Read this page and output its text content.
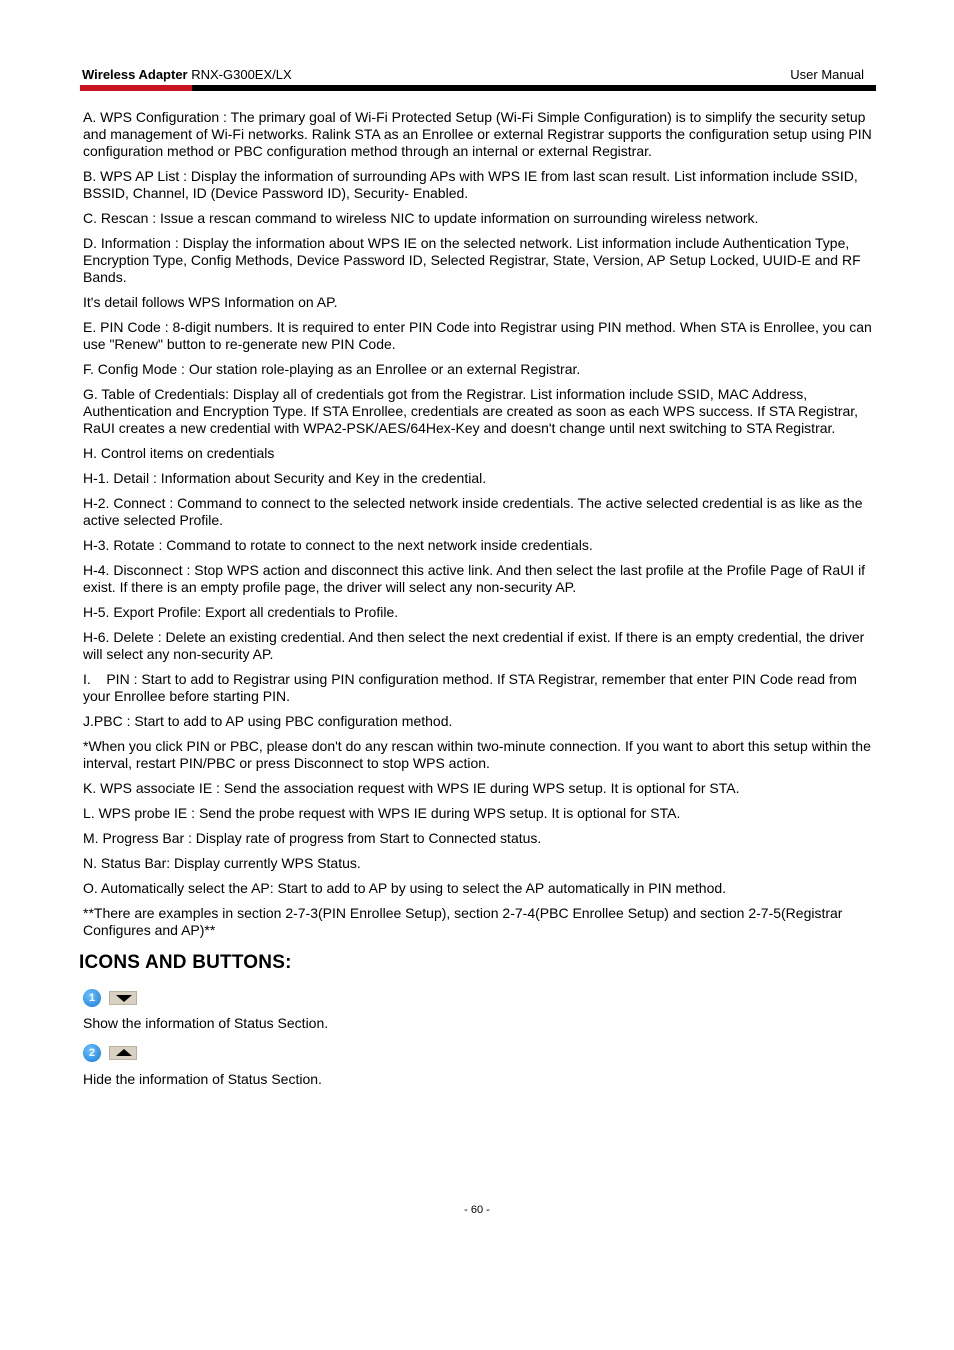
Wireless Adapter RNX-G300EX/LX	User Manual

A. WPS Configuration : The primary goal of Wi-Fi Protected Setup (Wi-Fi Simple Configuration) is to simplify the security setup and management of Wi-Fi networks. Ralink STA as an Enrollee or external Registrar supports the configuration setup using PIN configuration method or PBC configuration method through an internal or external Registrar.

B. WPS AP List : Display the information of surrounding APs with WPS IE from last scan result. List information include SSID, BSSID, Channel, ID (Device Password ID), Security- Enabled.

C. Rescan : Issue a rescan command to wireless NIC to update information on surrounding wireless network.

D. Information : Display the information about WPS IE on the selected network. List information include Authentication Type, Encryption Type, Config Methods, Device Password ID, Selected Registrar, State, Version, AP Setup Locked, UUID-E and RF Bands.

It's detail follows WPS Information on AP.

E. PIN Code : 8-digit numbers. It is required to enter PIN Code into Registrar using PIN method. When STA is Enrollee, you can use "Renew" button to re-generate new PIN Code.

F. Config Mode : Our station role-playing as an Enrollee or an external Registrar.

G. Table of Credentials: Display all of credentials got from the Registrar. List information include SSID, MAC Address, Authentication and Encryption Type. If STA Enrollee, credentials are created as soon as each WPS success. If STA Registrar, RaUI creates a new credential with WPA2-PSK/AES/64Hex-Key and doesn't change until next switching to STA Registrar.

H. Control items on credentials

H-1. Detail : Information about Security and Key in the credential.

H-2. Connect : Command to connect to the selected network inside credentials. The active selected credential is as like as the active selected Profile.

H-3. Rotate : Command to rotate to connect to the next network inside credentials.

H-4. Disconnect : Stop WPS action and disconnect this active link. And then select the last profile at the Profile Page of RaUI if exist. If there is an empty profile page, the driver will select any non-security AP.

H-5. Export Profile: Export all credentials to Profile.

H-6. Delete : Delete an existing credential. And then select the next credential if exist. If there is an empty credential, the driver will select any non-security AP.

I.    PIN : Start to add to Registrar using PIN configuration method. If STA Registrar, remember that enter PIN Code read from your Enrollee before starting PIN.

J.PBC : Start to add to AP using PBC configuration method.

*When you click PIN or PBC, please don't do any rescan within two-minute connection. If you want to abort this setup within the interval, restart PIN/PBC or press Disconnect to stop WPS action.

K. WPS associate IE : Send the association request with WPS IE during WPS setup. It is optional for STA.

L. WPS probe IE : Send the probe request with WPS IE during WPS setup. It is optional for STA.

M. Progress Bar : Display rate of progress from Start to Connected status.

N. Status Bar: Display currently WPS Status.

O. Automatically select the AP: Start to add to AP by using to select the AP automatically in PIN method.

**There are examples in section 2-7-3(PIN Enrollee Setup), section 2-7-4(PBC Enrollee Setup) and section 2-7-5(Registrar Configures and AP)**

ICONS AND BUTTONS:
1
Show the information of Status Section.
2
Hide the information of Status Section.
- 60 -
